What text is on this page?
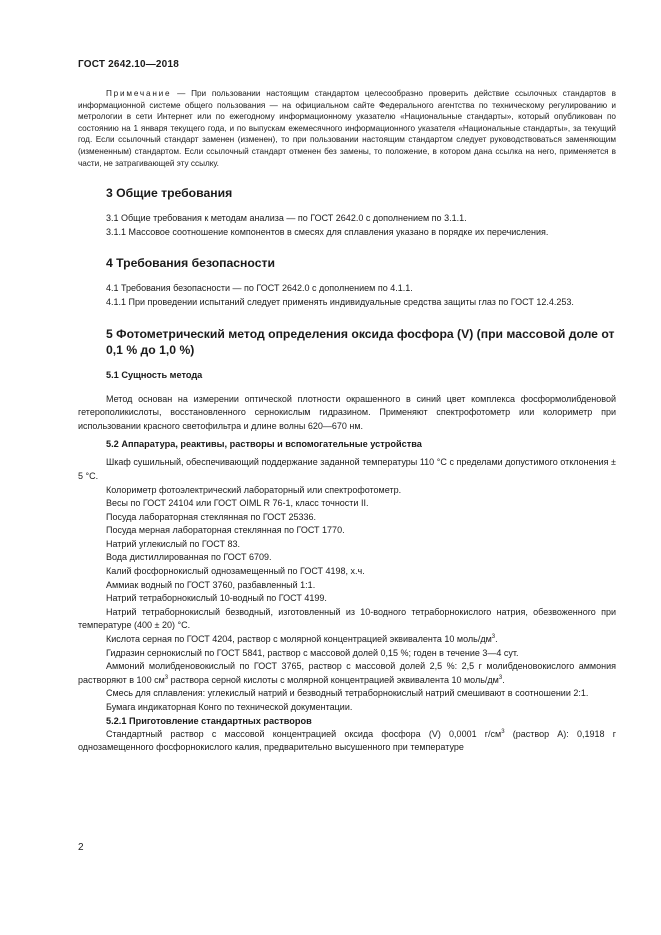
ГОСТ 2642.10—2018
Примечание — При пользовании настоящим стандартом целесообразно проверить действие ссылочных стандартов в информационной системе общего пользования — на официальном сайте Федерального агентства по техническому регулированию и метрологии в сети Интернет или по ежегодному информационному указателю «Национальные стандарты», который опубликован по состоянию на 1 января текущего года, и по выпускам ежемесячного информационного указателя «Национальные стандарты», за текущий год. Если ссылочный стандарт заменен (изменен), то при пользовании настоящим стандартом следует руководствоваться заменяющим (измененным) стандартом. Если ссылочный стандарт отменен без замены, то положение, в котором дана ссылка на него, применяется в части, не затрагивающей эту ссылку.
3 Общие требования

3.1 Общие требования к методам анализа — по ГОСТ 2642.0 с дополнением по 3.1.1.

3.1.1 Массовое соотношение компонентов в смесях для сплавления указано в порядке их перечисления.

4 Требования безопасности

4.1 Требования безопасности — по ГОСТ 2642.0 с дополнением по 4.1.1.

4.1.1 При проведении испытаний следует применять индивидуальные средства защиты глаз по ГОСТ 12.4.253.

5 Фотометрический метод определения оксида фосфора (V) (при массовой доле от 0,1 % до 1,0 %)
5.1 Сущность метода

Метод основан на измерении оптической плотности окрашенного в синий цвет комплекса фосформолибденовой гетерополикислоты, восстановленного сернокислым гидразином. Применяют спектрофотометр или колориметр при использовании красного светофильтра и длине волны 620—670 нм.

5.2 Аппаратура, реактивы, растворы и вспомогательные устройства

Шкаф сушильный, обеспечивающий поддержание заданной температуры 110 °С с пределами допустимого отклонения ± 5 °С.

Колориметр фотоэлектрический лабораторный или спектрофотометр.

Весы по ГОСТ 24104 или ГОСТ OIML R 76-1, класс точности II.

Посуда лабораторная стеклянная по ГОСТ 25336.

Посуда мерная лабораторная стеклянная по ГОСТ 1770.

Натрий углекислый по ГОСТ 83.

Вода дистиллированная по ГОСТ 6709.

Калий фосфорнокислый однозамещенный по ГОСТ 4198, х.ч.

Аммиак водный по ГОСТ 3760, разбавленный 1:1.

Натрий тетраборнокислый 10-водный по ГОСТ 4199.

Натрий тетраборнокислый безводный, изготовленный из 10-водного тетраборнокислого натрия, обезвоженного при температуре (400 ± 20) °С.

Кислота серная по ГОСТ 4204, раствор с молярной концентрацией эквивалента 10 моль/$дм^3$.

Гидразин сернокислый по ГОСТ 5841, раствор с массовой долей 0,15 %; годен в течение 3—4 сут.

Аммоний молибденовокислый по ГОСТ 3765, раствор с массовой долей 2,5 %: 2,5 г молибденовокислого аммония растворяют в 100 $см^3$ раствора серной кислоты с молярной концентрацией эквивалента 10 моль/$дм^3$.

Смесь для сплавления: углекислый натрий и безводный тетраборнокислый натрий смешивают в соотношении 2:1.

Бумага индикаторная Конго по технической документации.

5.2.1 Приготовление стандартных растворов

Стандартный раствор с массовой концентрацией оксида фосфора (V) 0,0001 $г/см^3$ (раствор А): 0,1918 г однозамещенного фосфорнокислого калия, предварительно высушенного при температуре

2
